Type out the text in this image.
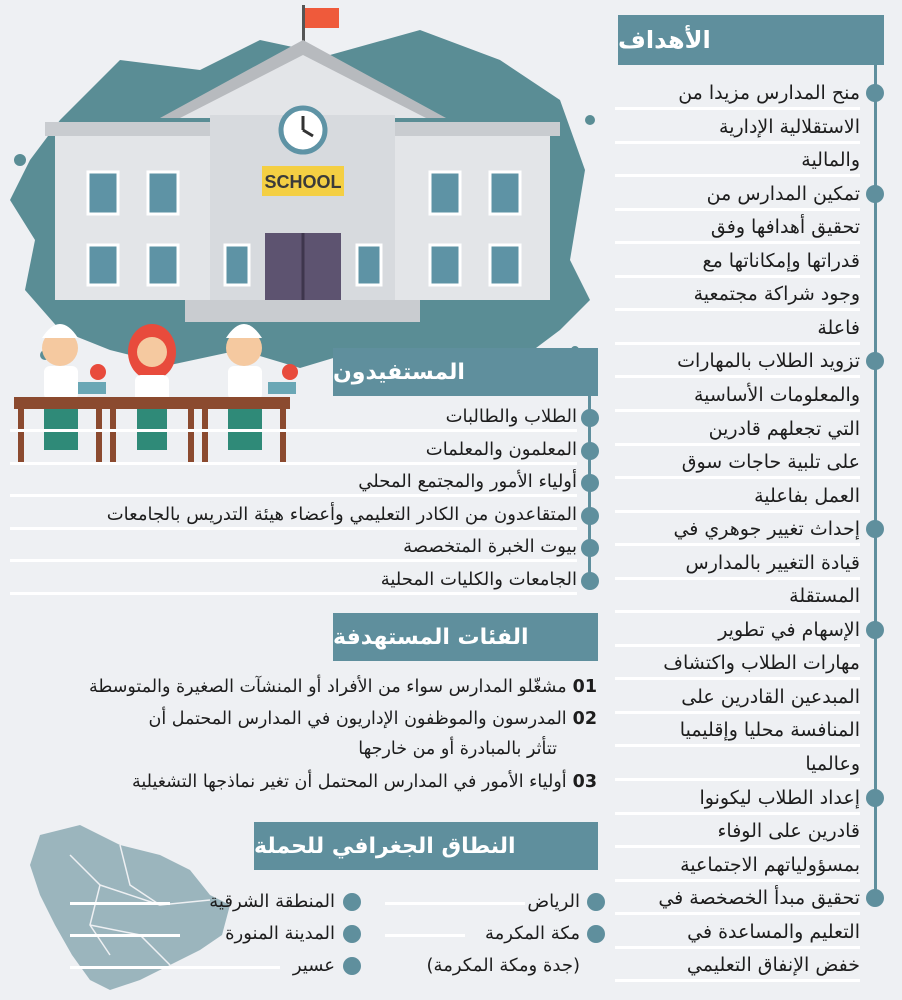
الأهداف
منح المدارس مزيدا من
الاستقلالية الإدارية
والمالية
تمكين المدارس من
تحقيق أهدافها وفق
قدراتها وإمكاناتها مع
وجود شراكة مجتمعية
فاعلة
تزويد الطلاب بالمهارات
والمعلومات الأساسية
التي تجعلهم قادرين
على تلبية حاجات سوق
العمل بفاعلية
إحداث تغيير جوهري في
قيادة التغيير بالمدارس
المستقلة
الإسهام في تطوير
مهارات الطلاب واكتشاف
المبدعين القادرين على
المنافسة محليا وإقليميا
وعالميا
إعداد الطلاب ليكونوا
قادرين على الوفاء
بمسؤولياتهم الاجتماعية
تحقيق مبدأ الخصخصة في
التعليم والمساعدة في
خفض الإنفاق التعليمي
SCHOOL
المستفيدون
الطلاب والطالبات
المعلمون والمعلمات
أولياء الأمور والمجتمع المحلي
المتقاعدون من الكادر التعليمي وأعضاء هيئة التدريس بالجامعات
بيوت الخبرة المتخصصة
الجامعات والكليات المحلية
الفئات المستهدفة
01مشغّلو المدارس سواء من الأفراد أو المنشآت الصغيرة والمتوسطة
02المدرسون والموظفون الإداريون في المدارس المحتمل أن
تتأثر بالمبادرة أو من خارجها
03أولياء الأمور في المدارس المحتمل أن تغير نماذجها التشغيلية
النطاق الجغرافي للحملة
الرياض
مكة المكرمة
(جدة ومكة المكرمة)
المنطقة الشرقية
المدينة المنورة
عسير
